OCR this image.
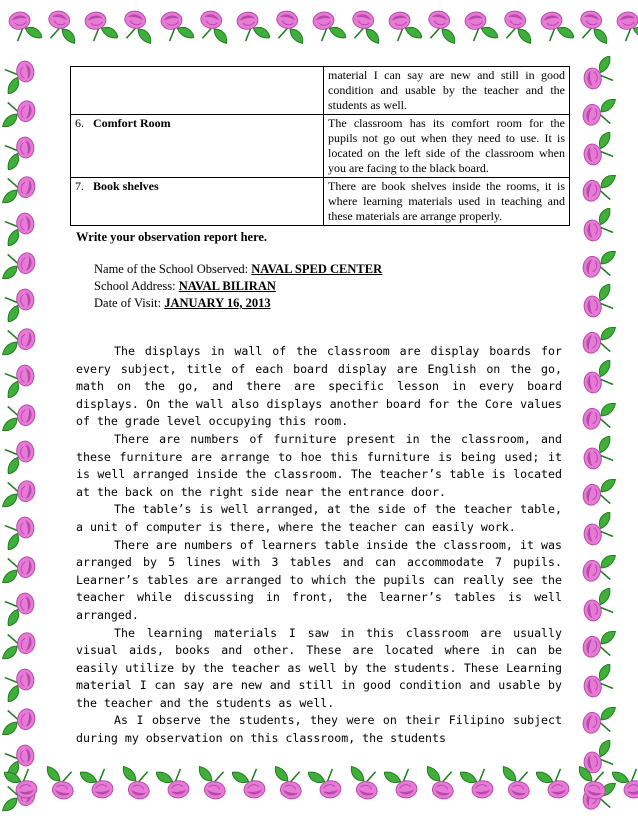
	material I can say are new and still in good condition and usable by the teacher and the students as well.
6. Comfort Room	The classroom has its comfort room for the pupils not go out when they need to use. It is located on the left side of the classroom when you are facing to the black board.
7. Book shelves	There are book shelves inside the rooms, it is where learning materials used in teaching and these materials are arrange properly.
Write your observation report here.
Name of the School Observed: NAVAL SPED CENTER
School Address: NAVAL BILIRAN
Date of Visit: JANUARY 16, 2013

The displays in wall of the classroom are display boards for every subject, title of each board display are English on the go, math on the go, and there are specific lesson in every board displays. On the wall also displays another board for the Core values of the grade level occupying this room.

There are numbers of furniture present in the classroom, and these furniture are arrange to hoe this furniture is being used; it is well arranged inside the classroom. The teacher’s table is located at the back on the right side near the entrance door.

The table’s is well arranged, at the side of the teacher table, a unit of computer is there, where the teacher can easily work.

There are numbers of learners table inside the classroom, it was arranged by 5 lines with 3 tables and can accommodate 7 pupils. Learner’s tables are arranged to which the pupils can really see the teacher while discussing in front, the learner’s tables is well arranged.

The learning materials I saw in this classroom are usually visual aids, books and other. These are located where in can be easily utilize by the teacher as well by the students. These Learning material I can say are new and still in good condition and usable by the teacher and the students as well.

As I observe the students, they were on their Filipino subject during my observation on this classroom, the students
